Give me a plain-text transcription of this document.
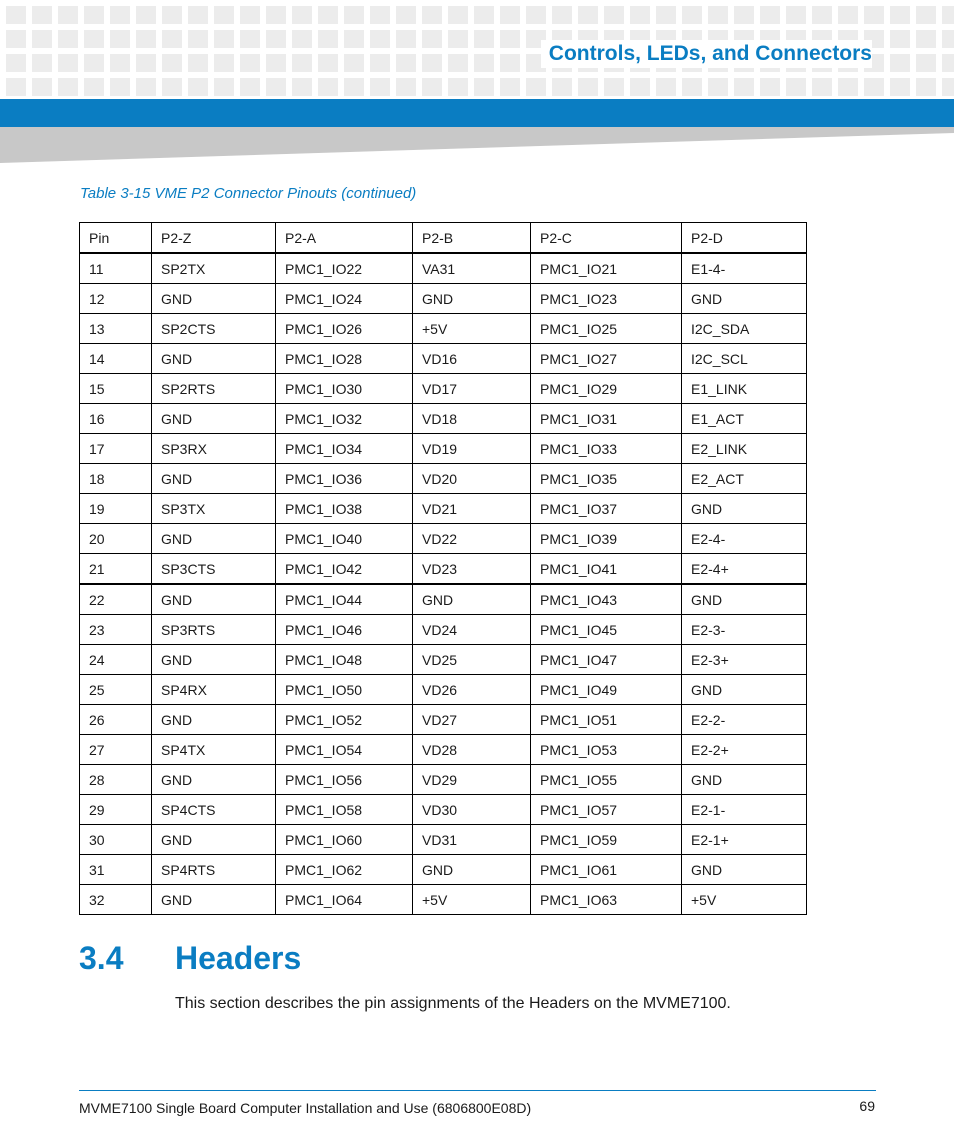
Controls, LEDs, and Connectors

Table 3-15 VME P2 Connector Pinouts (continued)

Pin	P2-Z	P2-A	P2-B	P2-C	P2-D
11	SP2TX	PMC1_IO22	VA31	PMC1_IO21	E1-4-
12	GND	PMC1_IO24	GND	PMC1_IO23	GND
13	SP2CTS	PMC1_IO26	+5V	PMC1_IO25	I2C_SDA
14	GND	PMC1_IO28	VD16	PMC1_IO27	I2C_SCL
15	SP2RTS	PMC1_IO30	VD17	PMC1_IO29	E1_LINK
16	GND	PMC1_IO32	VD18	PMC1_IO31	E1_ACT
17	SP3RX	PMC1_IO34	VD19	PMC1_IO33	E2_LINK
18	GND	PMC1_IO36	VD20	PMC1_IO35	E2_ACT
19	SP3TX	PMC1_IO38	VD21	PMC1_IO37	GND
20	GND	PMC1_IO40	VD22	PMC1_IO39	E2-4-
21	SP3CTS	PMC1_IO42	VD23	PMC1_IO41	E2-4+
22	GND	PMC1_IO44	GND	PMC1_IO43	GND
23	SP3RTS	PMC1_IO46	VD24	PMC1_IO45	E2-3-
24	GND	PMC1_IO48	VD25	PMC1_IO47	E2-3+
25	SP4RX	PMC1_IO50	VD26	PMC1_IO49	GND
26	GND	PMC1_IO52	VD27	PMC1_IO51	E2-2-
27	SP4TX	PMC1_IO54	VD28	PMC1_IO53	E2-2+
28	GND	PMC1_IO56	VD29	PMC1_IO55	GND
29	SP4CTS	PMC1_IO58	VD30	PMC1_IO57	E2-1-
30	GND	PMC1_IO60	VD31	PMC1_IO59	E2-1+
31	SP4RTS	PMC1_IO62	GND	PMC1_IO61	GND
32	GND	PMC1_IO64	+5V	PMC1_IO63	+5V
3.4 Headers

This section describes the pin assignments of the Headers on the MVME7100.

MVME7100 Single Board Computer Installation and Use (6806800E08D)	69
